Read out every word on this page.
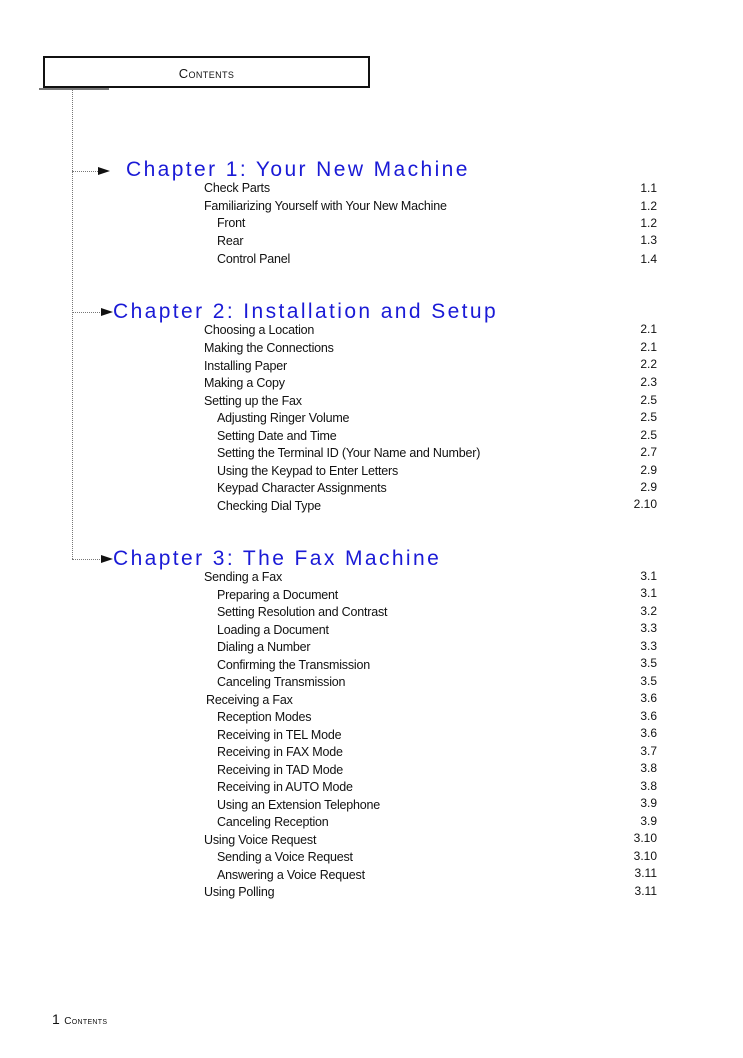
Contents
Chapter 1: Your New Machine
Check Parts	1.1
Familiarizing Yourself with Your New Machine	1.2
Front	1.2
Rear	1.3
Control Panel	1.4
Chapter 2: Installation and Setup
Choosing a Location	2.1
Making the Connections	2.1
Installing Paper	2.2
Making a Copy	2.3
Setting up the Fax	2.5
Adjusting Ringer Volume	2.5
Setting Date and Time	2.5
Setting the Terminal ID (Your Name and Number)	2.7
Using the Keypad to Enter Letters	2.9
Keypad Character Assignments	2.9
Checking Dial Type	2.10
Chapter 3: The Fax Machine
Sending a Fax	3.1
Preparing a Document	3.1
Setting Resolution and Contrast	3.2
Loading a Document	3.3
Dialing a Number	3.3
Confirming the Transmission	3.5
Canceling Transmission	3.5
Receiving a Fax	3.6
Reception Modes	3.6
Receiving in TEL Mode	3.6
Receiving in FAX Mode	3.7
Receiving in TAD Mode	3.8
Receiving in AUTO Mode	3.8
Using an Extension Telephone	3.9
Canceling Reception	3.9
Using Voice Request	3.10
Sending a Voice Request	3.10
Answering a Voice Request	3.11
Using Polling	3.11
1 Contents
